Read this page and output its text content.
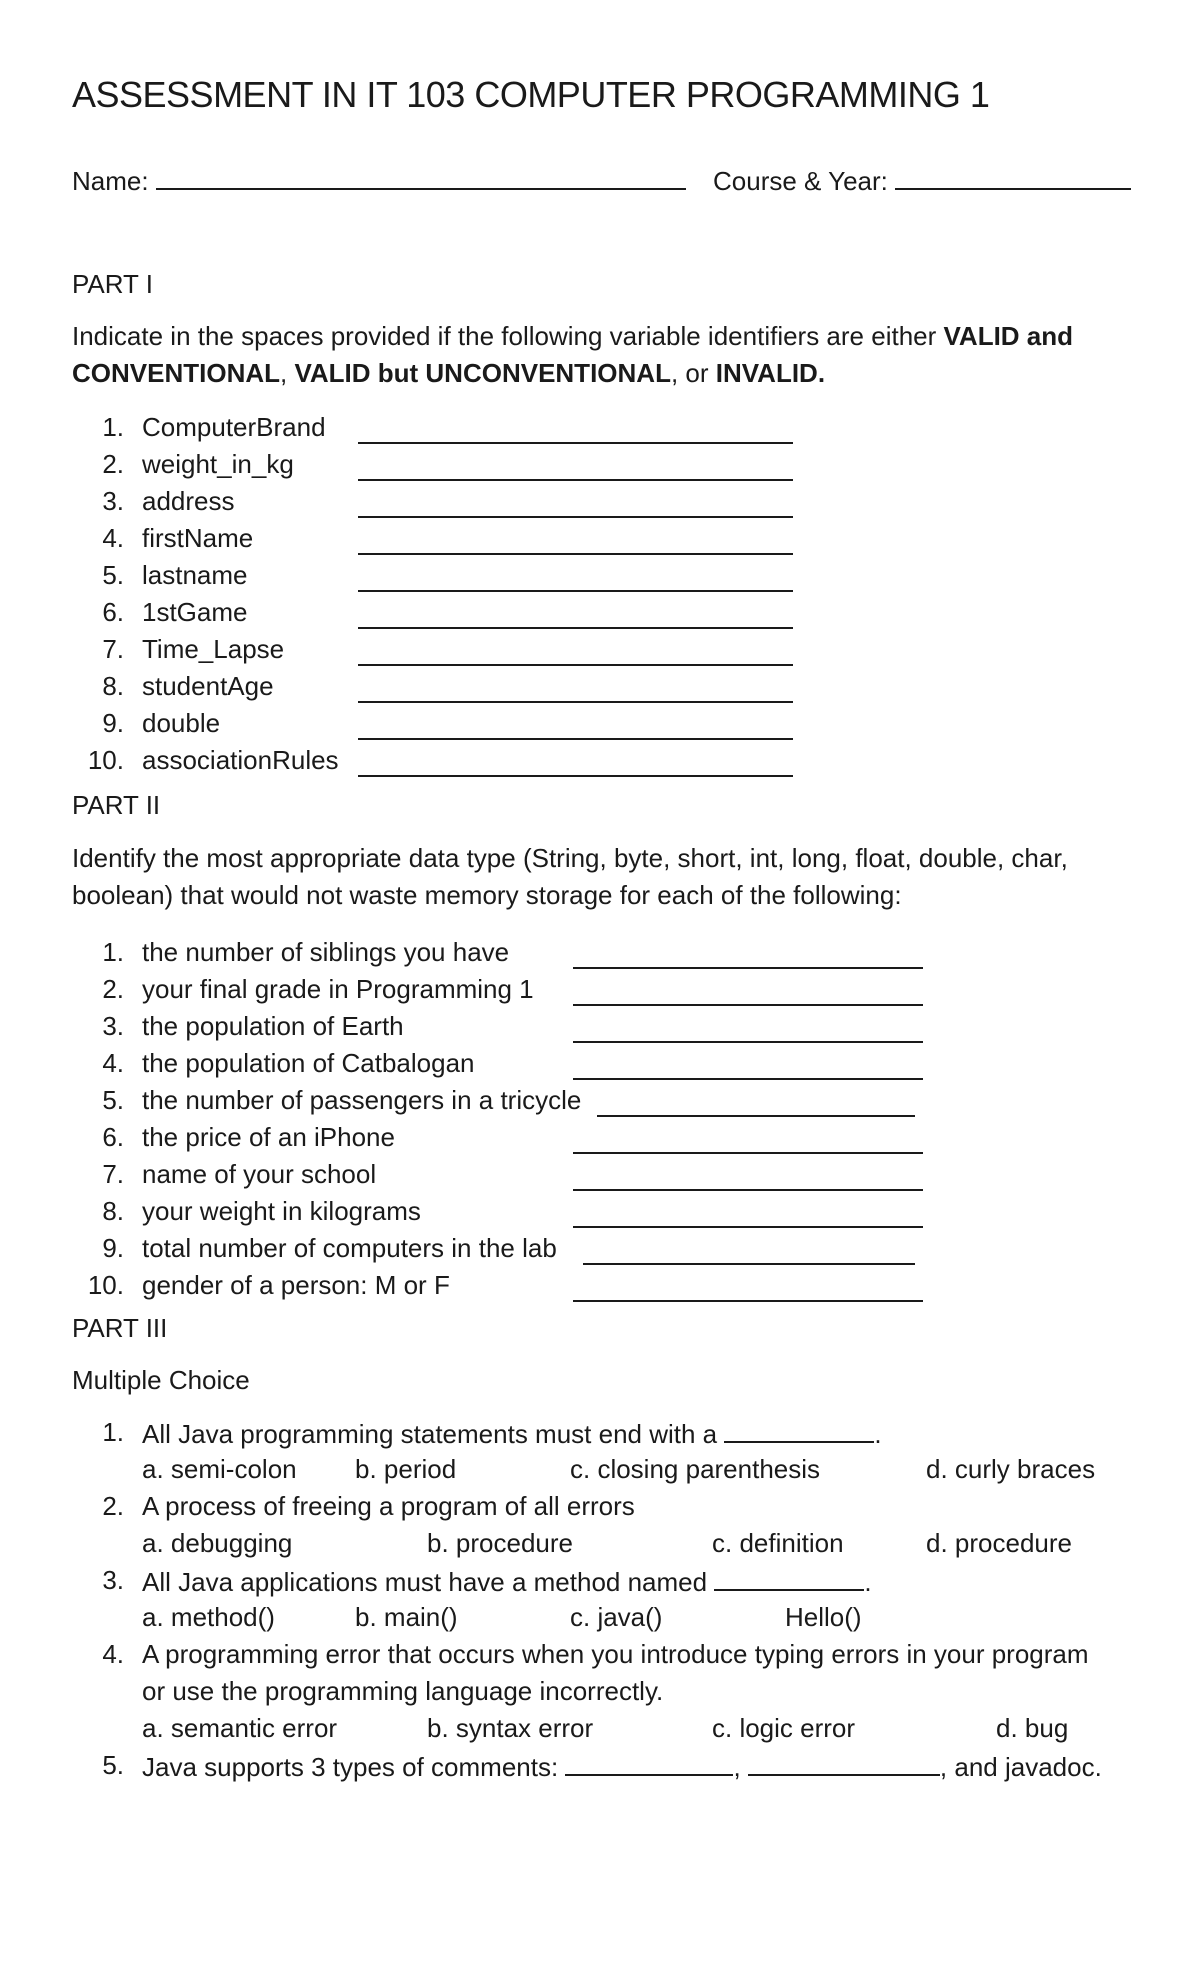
ASSESSMENT IN IT 103 COMPUTER PROGRAMMING 1
Name:	Course & Year:
PART I
Indicate in the spaces provided if the following variable identifiers are either VALID and CONVENTIONAL, VALID but UNCONVENTIONAL, or INVALID.
1. ComputerBrand
2. weight_in_kg
3. address
4. firstName
5. lastname
6. 1stGame
7. Time_Lapse
8. studentAge
9. double
10. associationRules
PART II
Identify the most appropriate data type (String, byte, short, int, long, float, double, char, boolean) that would not waste memory storage for each of the following:
1. the number of siblings you have
2. your final grade in Programming 1
3. the population of Earth
4. the population of Catbalogan
5. the number of passengers in a tricycle
6. the price of an iPhone
7. name of your school
8. your weight in kilograms
9. total number of computers in the lab
10. gender of a person: M or F
PART III
Multiple Choice
1. All Java programming statements must end with a	.
a. semi-colon b. period	c. closing parenthesis	d. curly braces
2. A process of freeing a program of all errors
a. debugging	b. procedure	c. definition	d. procedure
3. All Java applications must have a method named	.
a. method()	b. main()	c. java()	Hello()
4. A programming error that occurs when you introduce typing errors in your program
or use the programming language incorrectly.
a. semantic error	b. syntax error	c. logic error	d. bug
5. Java supports 3 types of comments:	,	, and javadoc.
